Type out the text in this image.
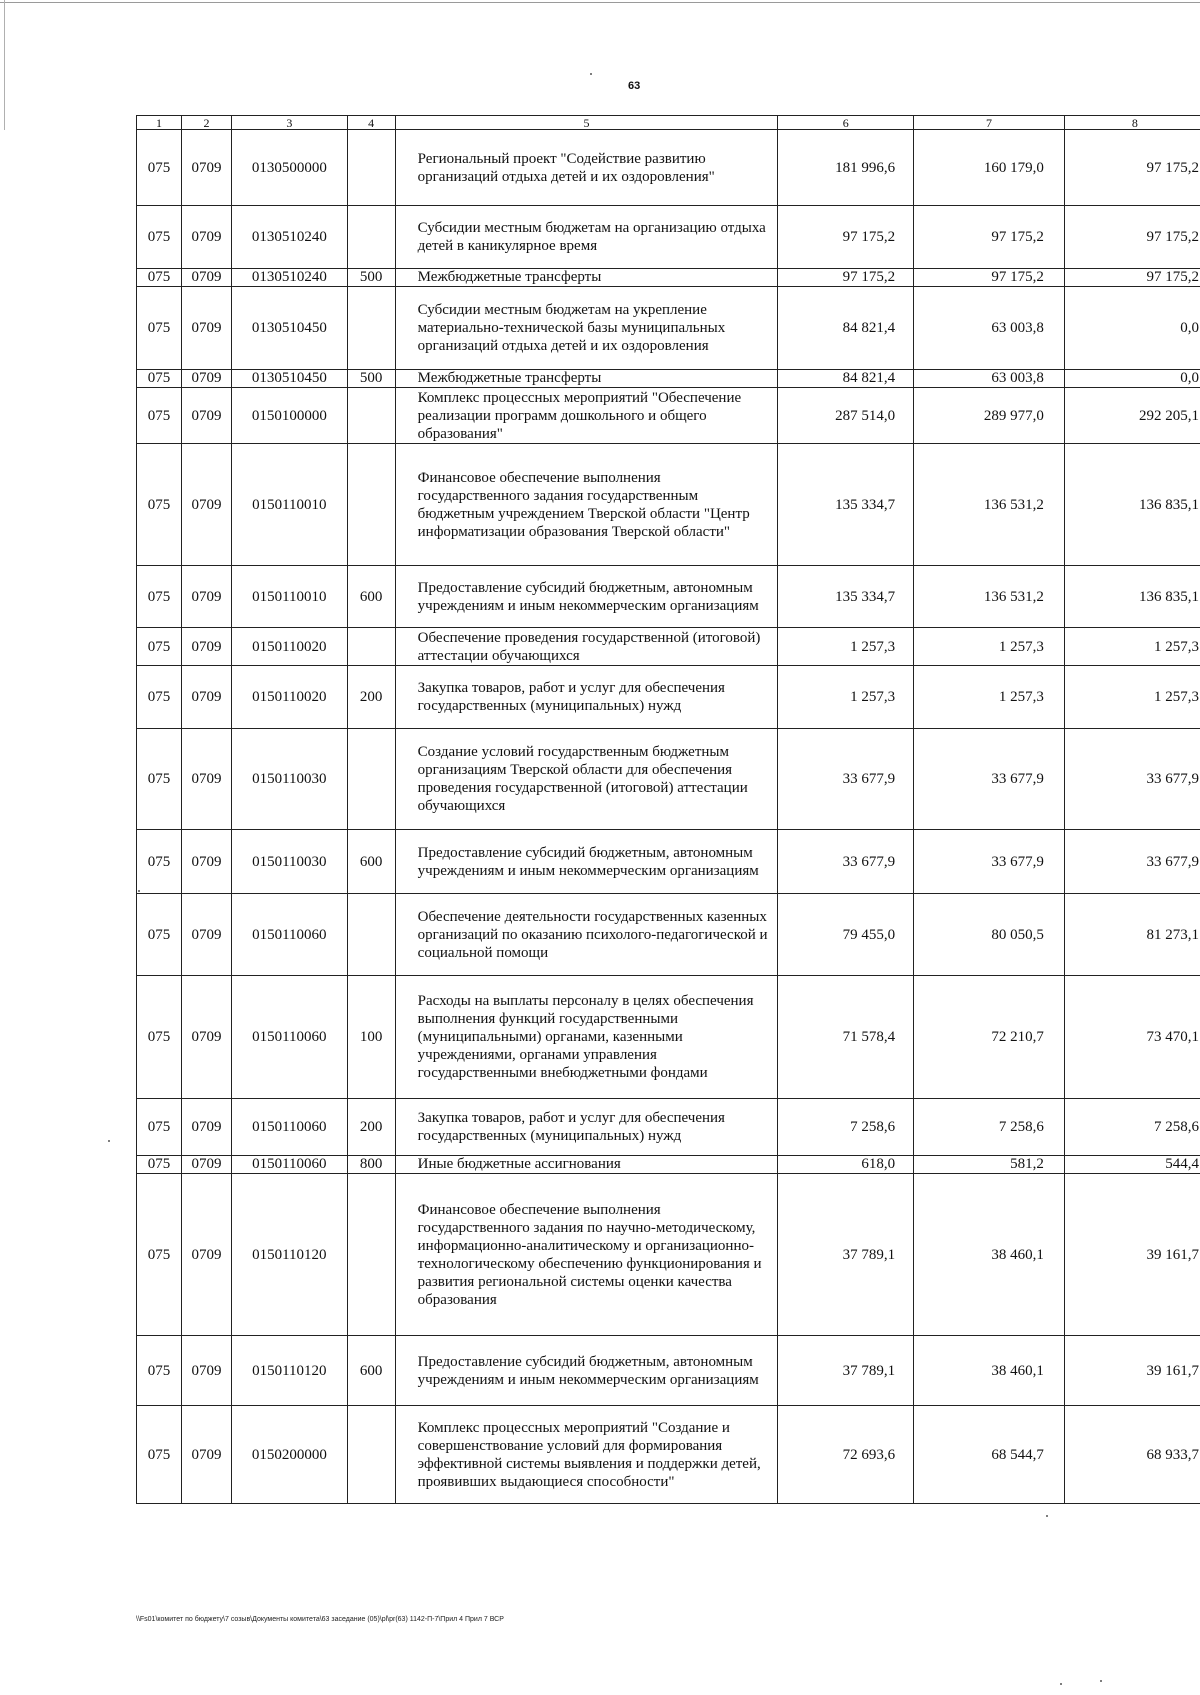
63
1	2	3	4	5	6	7	8
075	0709	0130500000		Региональный проект "Содействие развитию организаций отдыха детей и их оздоровления"	181 996,6	160 179,0	97 175,2
075	0709	0130510240		Субсидии местным бюджетам на организацию отдыха детей в каникулярное время	97 175,2	97 175,2	97 175,2
075	0709	0130510240	500	Межбюджетные трансферты	97 175,2	97 175,2	97 175,2
075	0709	0130510450		Субсидии местным бюджетам на укрепление материально-технической базы муниципальных организаций отдыха детей и их оздоровления	84 821,4	63 003,8	0,0
075	0709	0130510450	500	Межбюджетные трансферты	84 821,4	63 003,8	0,0
075	0709	0150100000		Комплекс процессных мероприятий "Обеспечение реализации программ дошкольного и общего образования"	287 514,0	289 977,0	292 205,1
075	0709	0150110010		Финансовое обеспечение выполнения государственного задания государственным бюджетным учреждением Тверской области "Центр информатизации образования Тверской области"	135 334,7	136 531,2	136 835,1
075	0709	0150110010	600	Предоставление субсидий бюджетным, автономным учреждениям и иным некоммерческим организациям	135 334,7	136 531,2	136 835,1
075	0709	0150110020		Обеспечение проведения государственной (итоговой) аттестации обучающихся	1 257,3	1 257,3	1 257,3
075	0709	0150110020	200	Закупка товаров, работ и услуг для обеспечения государственных (муниципальных) нужд	1 257,3	1 257,3	1 257,3
075	0709	0150110030		Создание условий государственным бюджетным организациям Тверской области для обеспечения проведения государственной (итоговой) аттестации обучающихся	33 677,9	33 677,9	33 677,9
075	0709	0150110030	600	Предоставление субсидий бюджетным, автономным учреждениям и иным некоммерческим организациям	33 677,9	33 677,9	33 677,9
075	0709	0150110060		Обеспечение деятельности государственных казенных организаций по оказанию психолого-педагогической и социальной помощи	79 455,0	80 050,5	81 273,1
075	0709	0150110060	100	Расходы на выплаты персоналу в целях обеспечения выполнения функций государственными (муниципальными) органами, казенными учреждениями, органами управления государственными внебюджетными фондами	71 578,4	72 210,7	73 470,1
075	0709	0150110060	200	Закупка товаров, работ и услуг для обеспечения государственных (муниципальных) нужд	7 258,6	7 258,6	7 258,6
075	0709	0150110060	800	Иные бюджетные ассигнования	618,0	581,2	544,4
075	0709	0150110120		Финансовое обеспечение выполнения государственного задания по научно-методическому, информационно-аналитическому и организационно-технологическому обеспечению функционирования и развития региональной системы оценки качества образования	37 789,1	38 460,1	39 161,7
075	0709	0150110120	600	Предоставление субсидий бюджетным, автономным учреждениям и иным некоммерческим организациям	37 789,1	38 460,1	39 161,7
075	0709	0150200000		Комплекс процессных мероприятий "Создание и совершенствование условий для формирования эффективной системы выявления и поддержки детей, проявивших выдающиеся способности"	72 693,6	68 544,7	68 933,7
\\Fs01\комитет по бюджету\7 созыв\Документы комитета\63 заседание (05)\pl\pr(63) 1142-П-7\Прил 4 Прил 7 ВСР
